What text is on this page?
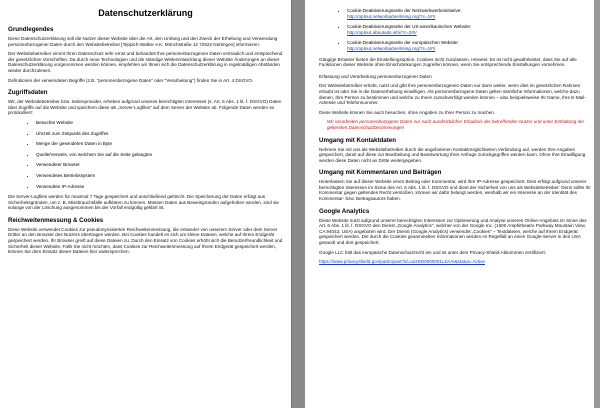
Datenschutzerklärung
Grundlegendes

Diese Datenschutzerklärung soll die Nutzer dieser Website über die Art, den Umfang und den Zweck der Erhebung und Verwendung personenbezogener Daten durch den Websitebetreiber [Teppich-Walker e.K. Mönchstraße 12 72622 Nürtingen] informieren.

Der Websitebetreiber nimmt Ihren Datenschutz sehr ernst und behandelt Ihre personenbezogenen Daten vertraulich und entsprechend der gesetzlichen Vorschriften. Da durch neue Technologien und die ständige Weiterentwicklung dieser Website Änderungen an dieser Datenschutzerklärung vorgenommen werden können, empfehlen wir Ihnen sich die Datenschutzerklärung in regelmäßigen Abständen wieder durchzulesen.

Definitionen der verwendeten Begriffe (z.B. "personenbezogene Daten" oder "Verarbeitung") finden Sie in Art. 4 DSGVO.

Zugriffsdaten

Wir, der Websitebetreiber bzw. Seitenprovider, erheben aufgrund unseres berechtigten Interesses (s. Art. 6 Abs. 1 lit. f. DSGVO) Daten über Zugriffe auf die Website und speichern diese als „Server-Logfiles" auf dem Server der Website ab. Folgende Daten werden so protokolliert:

• Besuchte Website
• Uhrzeit zum Zeitpunkt des Zugriffes
• Menge der gesendeten Daten in Byte
• Quelle/Verweis, von welchem Sie auf die Seite gelangten
• Verwendeter Browser
• Verwendetes Betriebssystem
• Verwendete IP-Adresse

Die Server-Logfiles werden für maximal 7 Tage gespeichert und anschließend gelöscht. Die Speicherung der Daten erfolgt aus Sicherheitsgründen, um z. B. Missbrauchsfälle aufklären zu können. Müssen Daten aus Beweisgründen aufgehoben werden, sind sie solange von der Löschung ausgenommen bis der Vorfall endgültig geklärt ist.

Reichweitenmessung & Cookies

Diese Website verwendet Cookies zur pseudonymisierten Reichweitenmessung, die entweder von unserem Server oder dem Server Dritter an den Browser des Nutzers übertragen werden. Bei Cookies handelt es sich um kleine Dateien, welche auf Ihrem Endgerät gespeichert werden. Ihr Browser greift auf diese Dateien zu. Durch den Einsatz von Cookies erhöht sich die Benutzerfreundlichkeit und Sicherheit dieser Website. Falls Sie nicht möchten, dass Cookies zur Reichweitenmessung auf Ihrem Endgerät gespeichert werden, können Sie dem Einsatz dieser Dateien hier widersprechen:

• Cookie-Deaktivierungsseite der Netzwerkwerbeinitiative:
http://optout.networkadvertising.org/?c=1#!/
• Cookie-Deaktivierungsseite der US-amerikanischen Website:
http://optout.aboutads.info/?c=2#!/
• Cookie-Deaktivierungsseite der europäischen Website:
http://optout.networkadvertising.org/?c=1#!/

Gängige Browser bieten die Einstellungsoption, Cookies nicht zuzulassen. Hinweis: Es ist nicht gewährleistet, dass Sie auf alle Funktionen dieser Website ohne Einschränkungen zugreifen können, wenn Sie entsprechende Einstellungen vornehmen.

Erfassung und Verarbeitung personenbezogener Daten

Der Websitebetreiber erhebt, nutzt und gibt Ihre personenbezogenen Daten nur dann weiter, wenn dies im gesetzlichen Rahmen erlaubt ist oder Sie in die Datenerhebung einwilligen. Als personenbezogene Daten gelten sämtliche Informationen, welche dazu dienen, Ihre Person zu bestimmen und welche zu Ihnen zurückverfolgt werden können – also beispielsweise Ihr Name, Ihre E-Mail-Adresse und Telefonnummer.

Diese Website können Sie auch besuchen, ohne Angaben zu Ihrer Person zu machen.

Wir verarbeiten personenbezogene Daten nur nach ausdrücklicher Erlaubnis der betreffenden Nutzer und unter Einhaltung der geltenden Datenschutzbestimmungen

Umgang mit Kontaktdaten

Nehmen Sie mit uns als Websitebetreiber durch die angebotenen Kontaktmöglichkeiten Verbindung auf, werden Ihre Angaben gespeichert, damit auf diese zur Bearbeitung und Beantwortung Ihrer Anfrage zurückgegriffen werden kann. Ohne Ihre Einwilligung werden diese Daten nicht an Dritte weitergegeben.

Umgang mit Kommentaren und Beiträgen

Hinterlassen Sie auf dieser Website einen Beitrag oder Kommentar, wird Ihre IP-Adresse gespeichert. Dies erfolgt aufgrund unserer berechtigten Interessen im Sinne des Art. 6 Abs. 1 lit. f. DSGVO und dient der Sicherheit von uns als Websitebetreiber: Denn sollte Ihr Kommentar gegen geltendes Recht verstoßen, können wir dafür belangt werden, weshalb wir ein Interesse an der Identität des Kommentar- bzw. Beitragsautors haben.

Google Analytics

Diese Website nutzt aufgrund unserer berechtigten Interessen zur Optimierung und Analyse unseres Online-Angebots im Sinne des Art. 6 Abs. 1 lit. f. DSGVO den Dienst „Google Analytics", welcher von der Google Inc. (1600 Amphitheatre Parkway Mountain View, CA 94043, USA) angeboten wird. Der Dienst (Google Analytics) verwendet „Cookies" – Textdateien, welche auf Ihrem Endgerät gespeichert werden. Die durch die Cookies gesammelten Informationen werden im Regelfall an einen Google-Server in den USA gesandt und dort gespeichert.

Google LLC hält das europäische Datenschutzrecht ein und ist unter dem Privacy-Shield-Abkommen zertifiziert:

https://www.privacyshield.gov/participant?id=a2zt000000001L5AAI&status=Active
